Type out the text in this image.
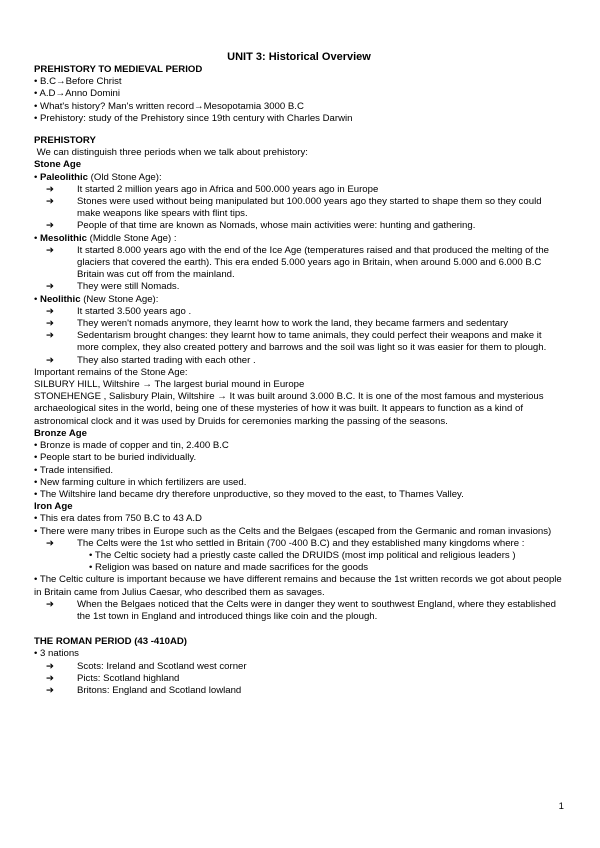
UNIT 3: Historical Overview
PREHISTORY TO MEDIEVAL PERIOD
• B.C→Before Christ
• A.D→Anno Domini
• What's history? Man's written record→Mesopotamia 3000 B.C
• Prehistory: study of the Prehistory since 19th century with Charles Darwin
PREHISTORY
We can distinguish three periods when we talk about prehistory:
Stone Age
• Paleolithic (Old Stone Age):
➔ It started 2 million years ago in Africa and 500.000 years ago in Europe
➔ Stones were used without being manipulated but 100.000 years ago they started to shape them so they could make weapons like spears with flint tips.
➔ People of that time are known as Nomads, whose main activities were: hunting and gathering.
• Mesolithic (Middle Stone Age) :
➔ It started 8.000 years ago with the end of the Ice Age (temperatures raised and that produced the melting of the glaciers that covered the earth). This era ended 5.000 years ago in Britain, when around 5.000 and 6.000 B.C Britain was cut off from the mainland.
➔ They were still Nomads.
• Neolithic (New Stone Age):
➔ It started 3.500 years ago .
➔ They weren't nomads anymore, they learnt how to work the land, they became farmers and sedentary
➔ Sedentarism brought changes: they learnt how to tame animals, they could perfect their weapons and make it more complex, they also created pottery and barrows and the soil was light so it was easier for them to plough.
➔ They also started trading with each other .
Important remains of the Stone Age:
SILBURY HILL, Wiltshire → The largest burial mound in Europe
STONEHENGE , Salisbury Plain, Wiltshire → It was built around 3.000 B.C. It is one of the most famous and mysterious archaeological sites in the world, being one of these mysteries of how it was built. It appears to function as a kind of astronomical clock and it was used by Druids for ceremonies marking the passing of the seasons.
Bronze Age
• Bronze is made of copper and tin, 2.400 B.C
• People start to be buried individually.
• Trade intensified.
• New farming culture in which fertilizers are used.
• The Wiltshire land became dry therefore unproductive, so they moved to the east, to Thames Valley.
Iron Age
• This era dates from 750 B.C to 43 A.D
• There were many tribes in Europe such as the Celts and the Belgaes (escaped from the Germanic and roman invasions)
➔ The Celts were the 1st who settled in Britain (700 -400 B.C) and they established many kingdoms where :
• The Celtic society had a priestly caste called the DRUIDS (most imp political and religious leaders )
• Religion was based on nature and made sacrifices for the goods
• The Celtic culture is important because we have different remains and because the 1st written records we got about people in Britain came from Julius Caesar, who described them as savages.
➔ When the Belgaes noticed that the Celts were in danger they went to southwest England, where they established the 1st town in England and introduced things like coin and the plough.
THE ROMAN PERIOD (43 -410AD)
• 3 nations
➔ Scots: Ireland and Scotland west corner
➔ Picts: Scotland highland
➔ Britons: England and Scotland lowland
1
